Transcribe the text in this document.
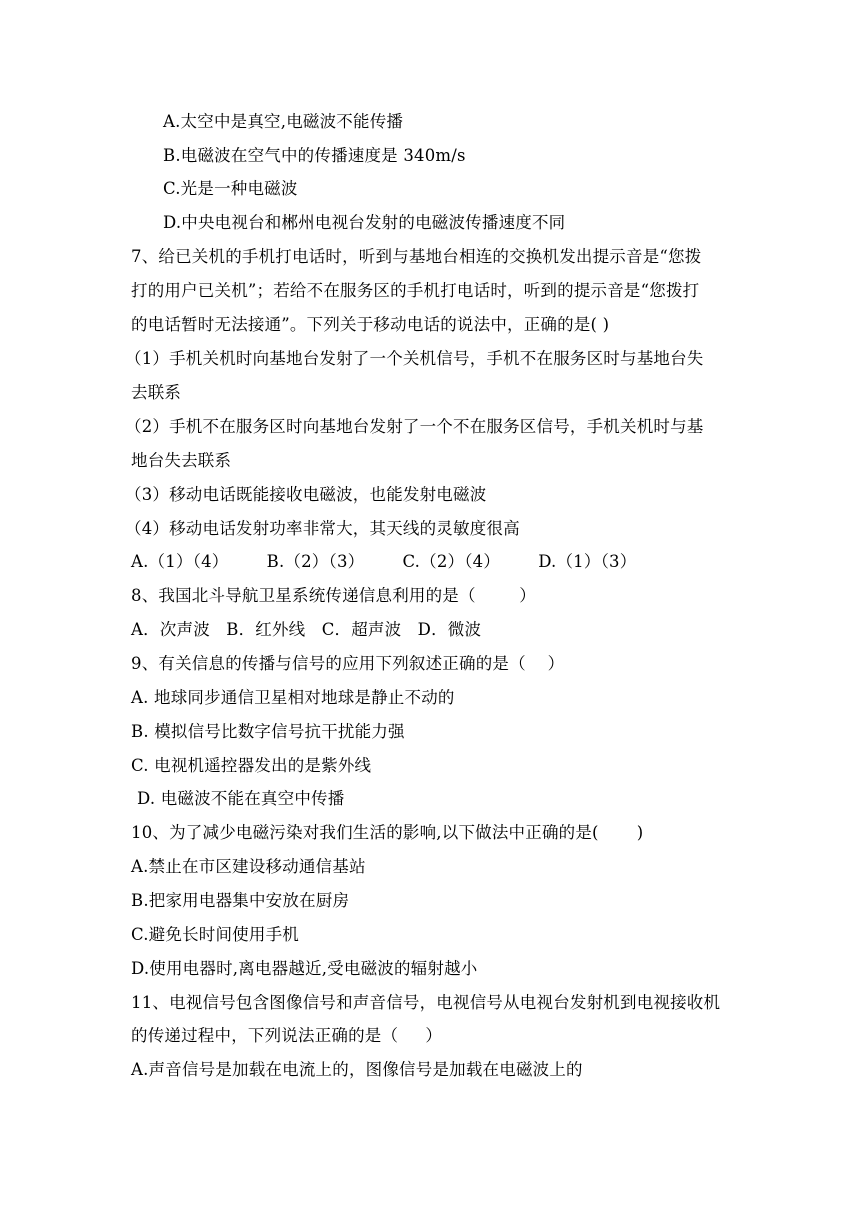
A.太空中是真空,电磁波不能传播
B.电磁波在空气中的传播速度是 340m/s
C.光是一种电磁波
D.中央电视台和郴州电视台发射的电磁波传播速度不同
7、给已关机的手机打电话时，听到与基地台相连的交换机发出提示音是“您拨
打的用户已关机”；若给不在服务区的手机打电话时，听到的提示音是“您拨打
的电话暂时无法接通”。下列关于移动电话的说法中，正确的是( )
（1）手机关机时向基地台发射了一个关机信号，手机不在服务区时与基地台失
去联系
（2）手机不在服务区时向基地台发射了一个不在服务区信号，手机关机时与基
地台失去联系
（3）移动电话既能接收电磁波，也能发射电磁波
（4）移动电话发射功率非常大，其天线的灵敏度很高
A.（1）（4）       B.（2）（3）       C.（2）（4）       D.（1）（3）
8、我国北斗导航卫星系统传递信息利用的是（        ）
A．次声波   B．红外线   C．超声波   D．微波
9、有关信息的传播与信号的应用下列叙述正确的是（    ）
A. 地球同步通信卫星相对地球是静止不动的
B. 模拟信号比数字信号抗干扰能力强
C. 电视机遥控器发出的是紫外线
D. 电磁波不能在真空中传播
10、为了减少电磁污染对我们生活的影响,以下做法中正确的是(       )
A.禁止在市区建设移动通信基站
B.把家用电器集中安放在厨房
C.避免长时间使用手机
D.使用电器时,离电器越近,受电磁波的辐射越小
11、电视信号包含图像信号和声音信号，电视信号从电视台发射机到电视接收机
的传递过程中，下列说法正确的是（     ）
A.声音信号是加载在电流上的，图像信号是加载在电磁波上的
